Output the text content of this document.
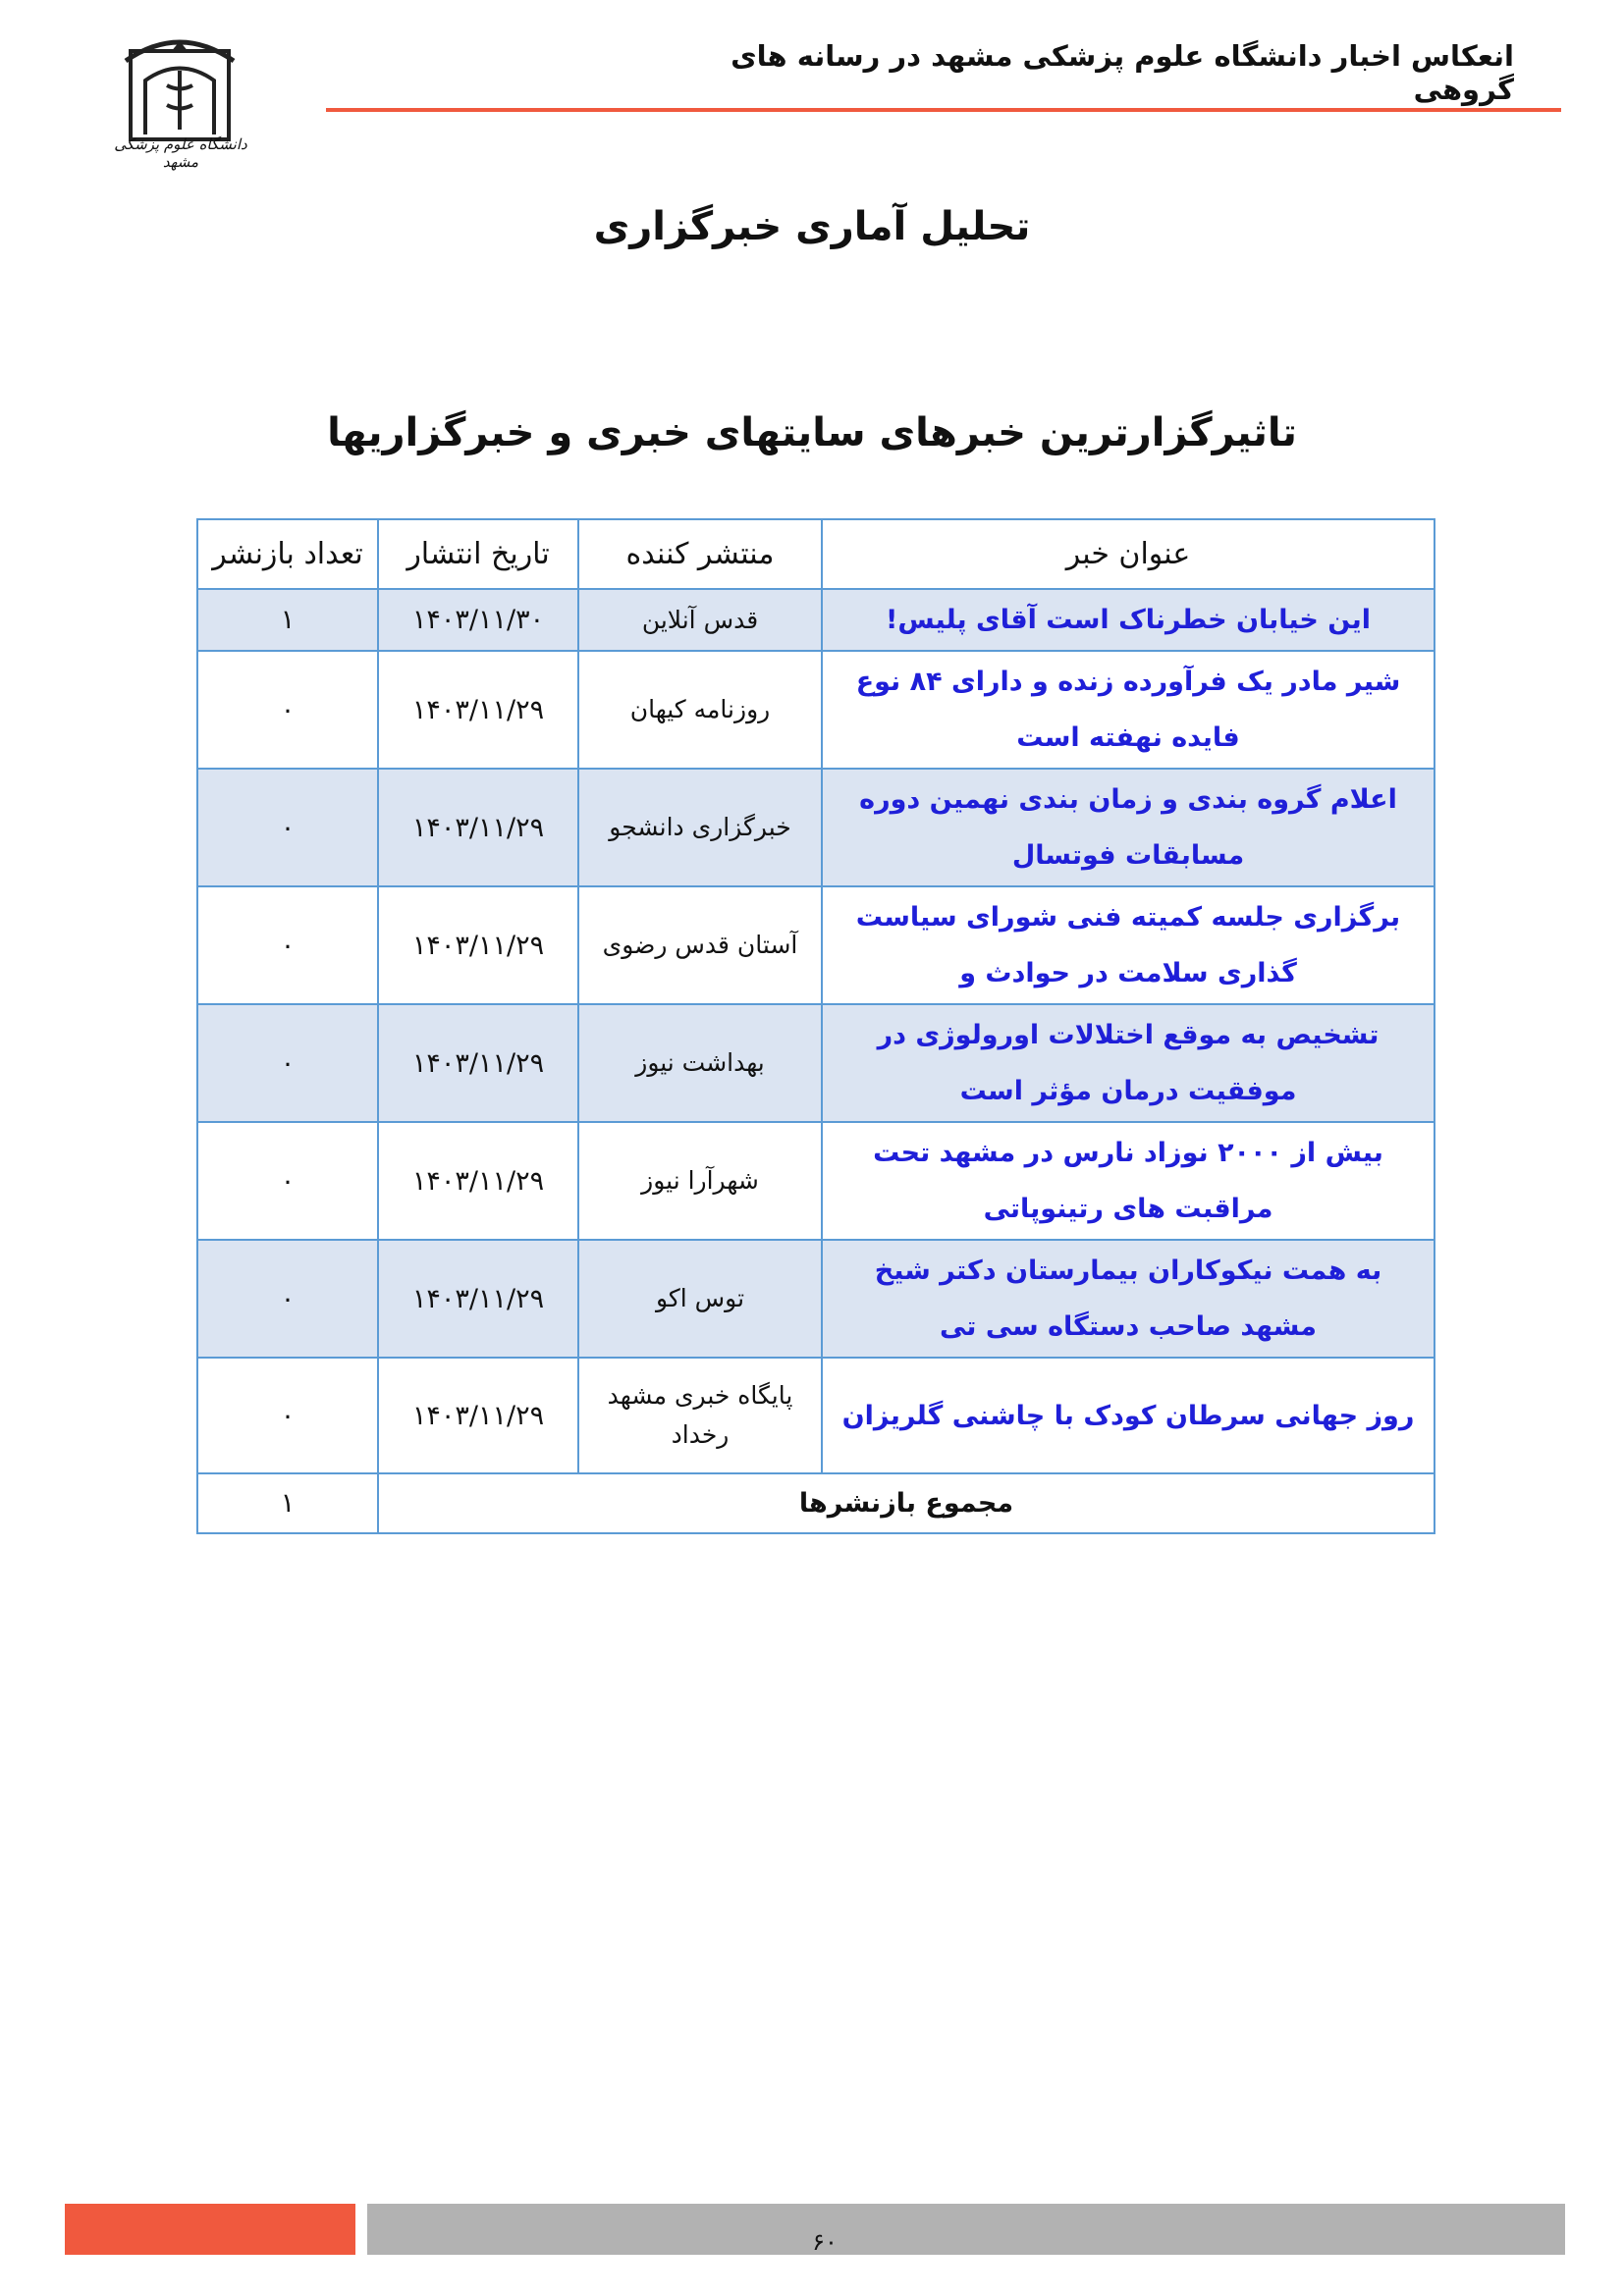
انعکاس اخبار دانشگاه علوم پزشکی مشهد در رسانه های گروهی
دانشگاه علوم پزشکی مشهد
تحلیل آماری خبرگزاری
تاثیرگزارترین خبرهای سایتهای خبری و خبرگزاریها
عنوان خبر	منتشر کننده	تاریخ انتشار	تعداد بازنشر
این خیابان خطرناک است آقای پلیس!	قدس آنلاین	۱۴۰۳/۱۱/۳۰	۱
شیر مادر یک فرآورده زنده و دارای ۸۴ نوع فایده نهفته است	روزنامه کیهان	۱۴۰۳/۱۱/۲۹	۰
اعلام گروه بندی و زمان بندی نهمین دوره مسابقات فوتسال	خبرگزاری دانشجو	۱۴۰۳/۱۱/۲۹	۰
برگزاری جلسه کمیته فنی شورای سیاست گذاری سلامت در حوادث و	آستان قدس رضوی	۱۴۰۳/۱۱/۲۹	۰
تشخیص به موقع اختلالات اورولوژی در موفقیت درمان مؤثر است	بهداشت نیوز	۱۴۰۳/۱۱/۲۹	۰
بیش از ۲۰۰۰ نوزاد نارس در مشهد تحت مراقبت های رتینوپاتی	شهرآرا نیوز	۱۴۰۳/۱۱/۲۹	۰
به همت نیکوکاران بیمارستان دکتر شیخ مشهد صاحب دستگاه سی تی	توس اکو	۱۴۰۳/۱۱/۲۹	۰
روز جهانی سرطان کودک با چاشنی گلریزان	پایگاه خبری مشهد رخداد	۱۴۰۳/۱۱/۲۹	۰
مجموع بازنشرها			۱
۶۰
